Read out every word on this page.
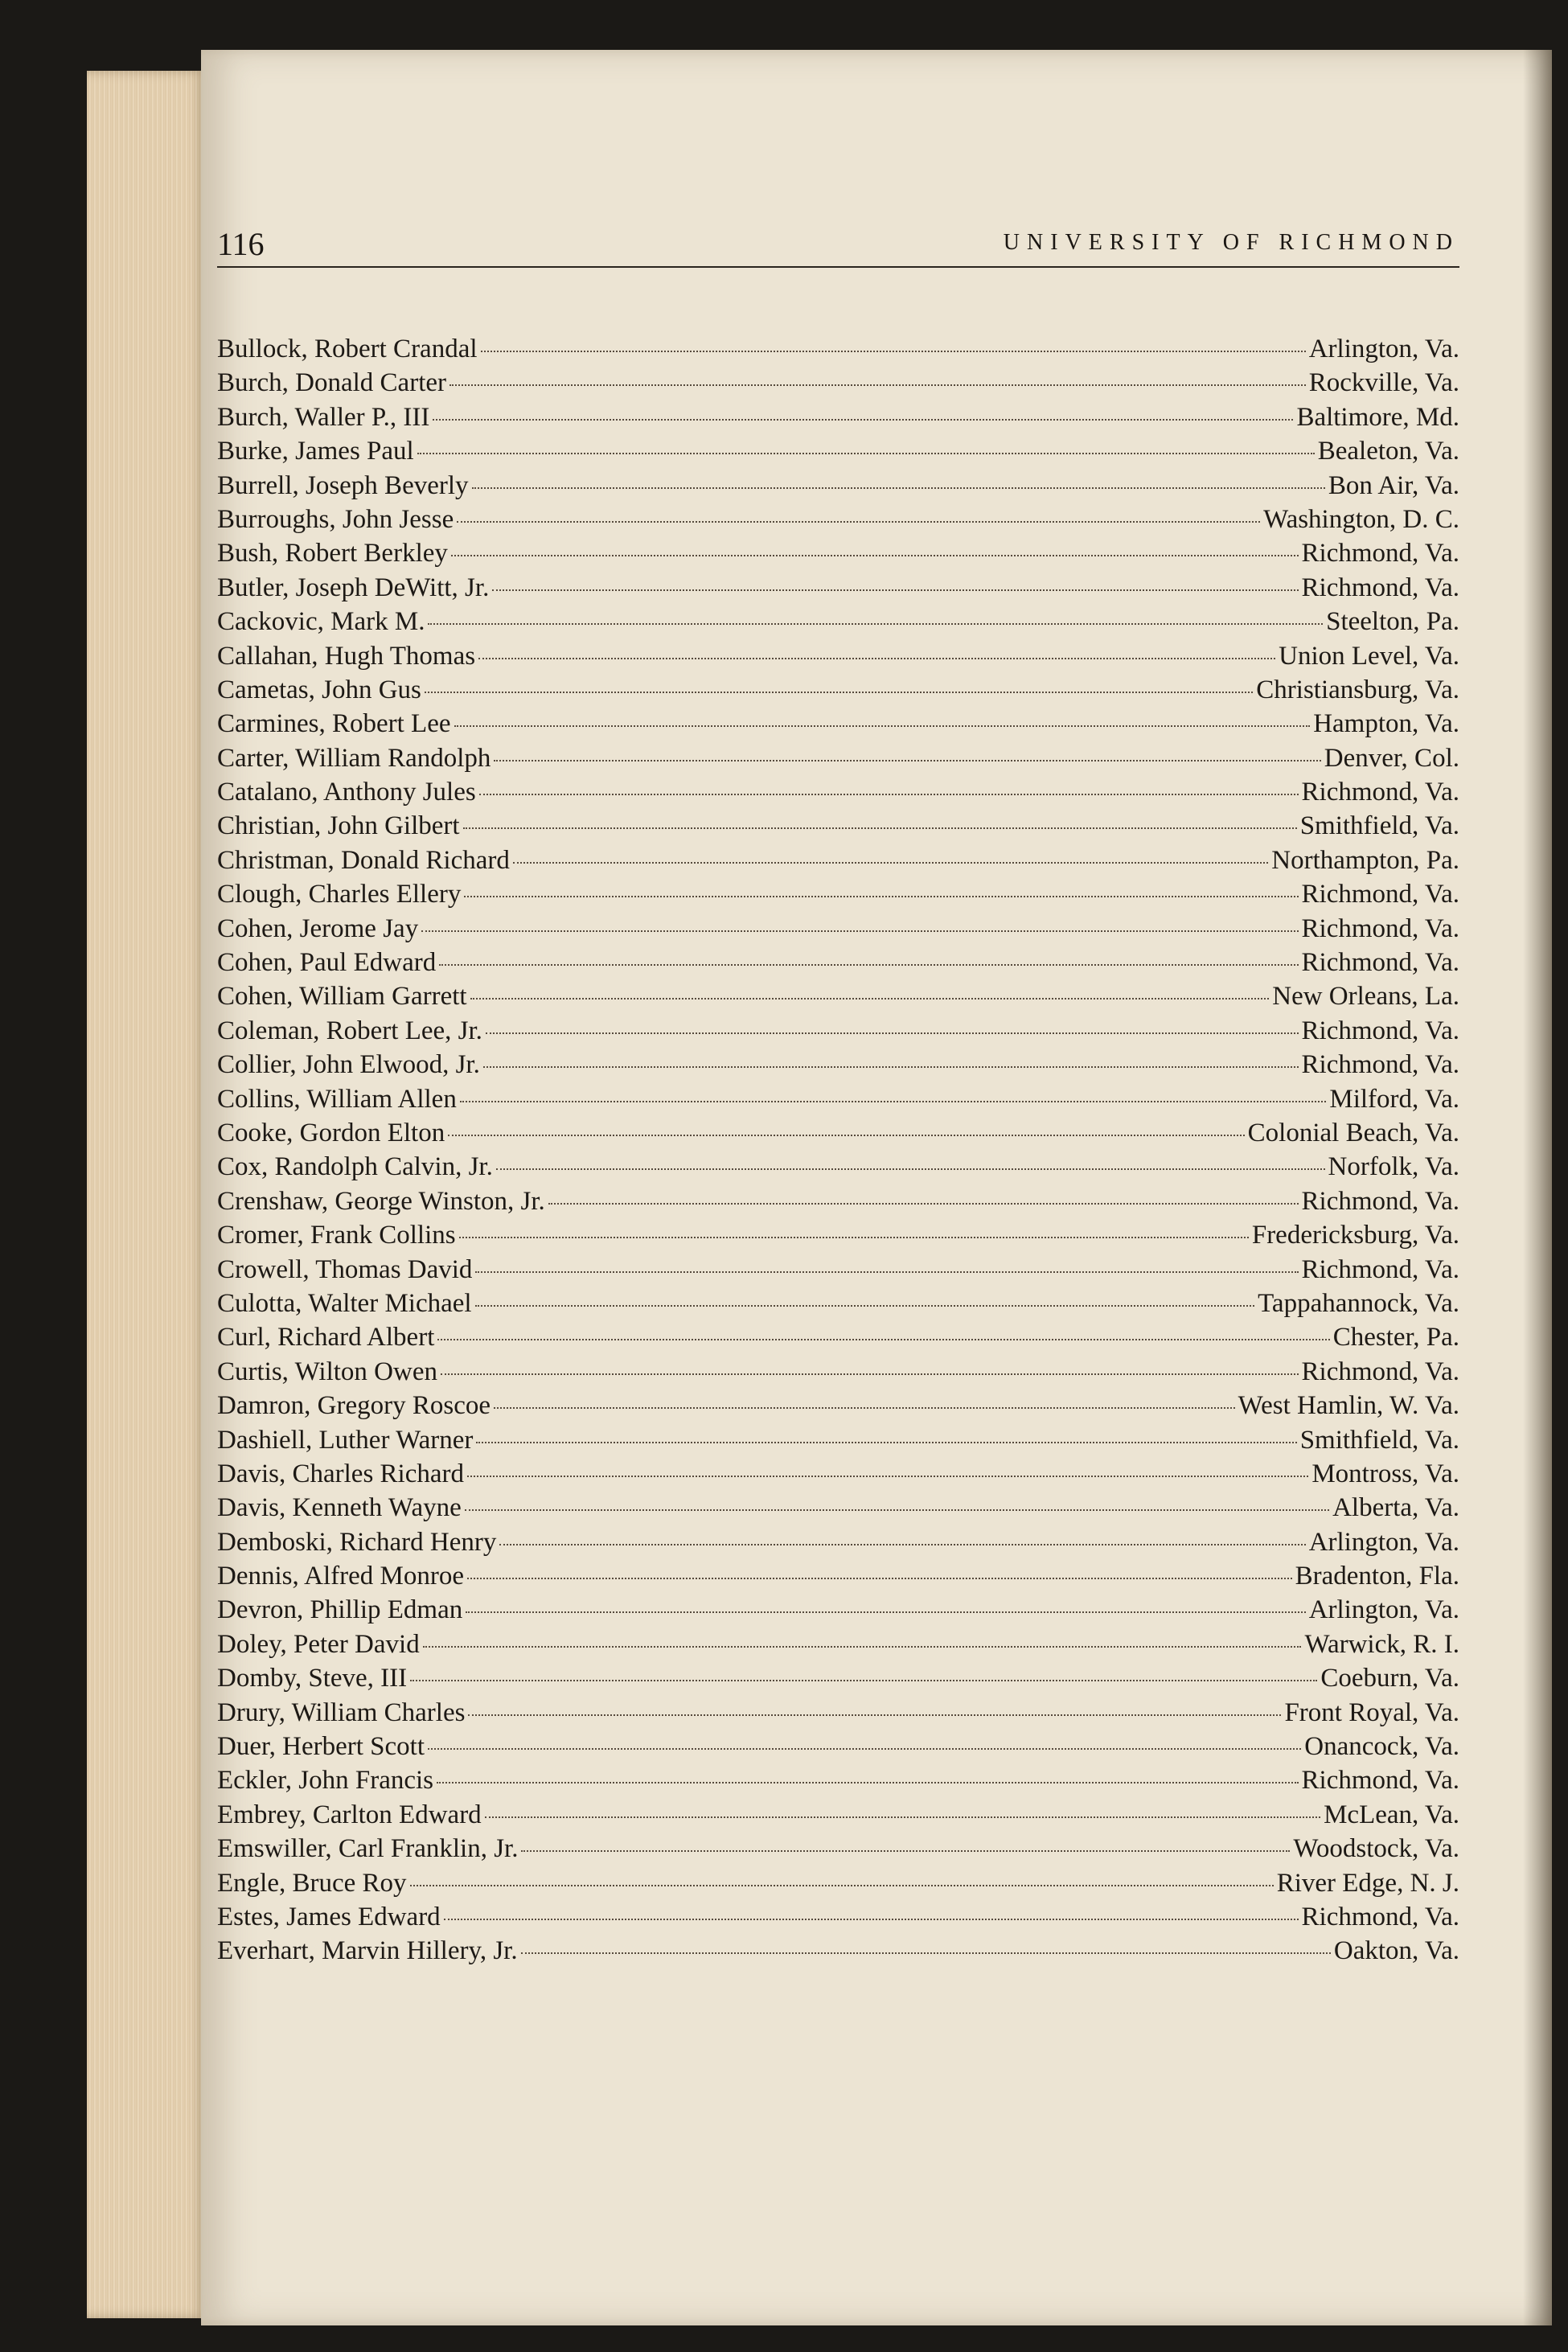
116	UNIVERSITY OF RICHMOND
Bullock, Robert Crandal	Arlington, Va.
Burch, Donald Carter	Rockville, Va.
Burch, Waller P., III	Baltimore, Md.
Burke, James Paul	Bealeton, Va.
Burrell, Joseph Beverly	Bon Air, Va.
Burroughs, John Jesse	Washington, D. C.
Bush, Robert Berkley	Richmond, Va.
Butler, Joseph DeWitt, Jr.	Richmond, Va.
Cackovic, Mark M.	Steelton, Pa.
Callahan, Hugh Thomas	Union Level, Va.
Cametas, John Gus	Christiansburg, Va.
Carmines, Robert Lee	Hampton, Va.
Carter, William Randolph	Denver, Col.
Catalano, Anthony Jules	Richmond, Va.
Christian, John Gilbert	Smithfield, Va.
Christman, Donald Richard	Northampton, Pa.
Clough, Charles Ellery	Richmond, Va.
Cohen, Jerome Jay	Richmond, Va.
Cohen, Paul Edward	Richmond, Va.
Cohen, William Garrett	New Orleans, La.
Coleman, Robert Lee, Jr.	Richmond, Va.
Collier, John Elwood, Jr.	Richmond, Va.
Collins, William Allen	Milford, Va.
Cooke, Gordon Elton	Colonial Beach, Va.
Cox, Randolph Calvin, Jr.	Norfolk, Va.
Crenshaw, George Winston, Jr.	Richmond, Va.
Cromer, Frank Collins	Fredericksburg, Va.
Crowell, Thomas David	Richmond, Va.
Culotta, Walter Michael	Tappahannock, Va.
Curl, Richard Albert	Chester, Pa.
Curtis, Wilton Owen	Richmond, Va.
Damron, Gregory Roscoe	West Hamlin, W. Va.
Dashiell, Luther Warner	Smithfield, Va.
Davis, Charles Richard	Montross, Va.
Davis, Kenneth Wayne	Alberta, Va.
Demboski, Richard Henry	Arlington, Va.
Dennis, Alfred Monroe	Bradenton, Fla.
Devron, Phillip Edman	Arlington, Va.
Doley, Peter David	Warwick, R. I.
Domby, Steve, III	Coeburn, Va.
Drury, William Charles	Front Royal, Va.
Duer, Herbert Scott	Onancock, Va.
Eckler, John Francis	Richmond, Va.
Embrey, Carlton Edward	McLean, Va.
Emswiller, Carl Franklin, Jr.	Woodstock, Va.
Engle, Bruce Roy	River Edge, N. J.
Estes, James Edward	Richmond, Va.
Everhart, Marvin Hillery, Jr.	Oakton, Va.
